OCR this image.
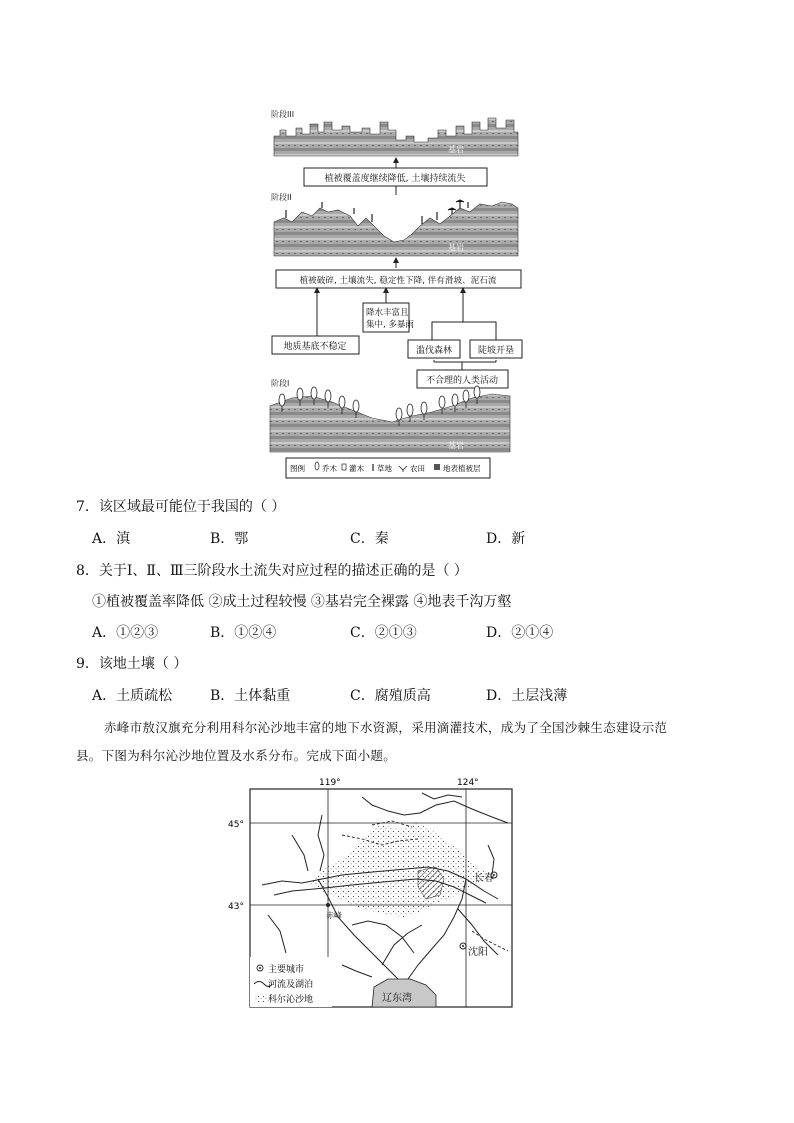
阶段III
基岩
植被覆盖度继续降低, 土壤持续流失
阶段II
基岩
植被破碎, 土壤流失, 稳定性下降, 伴有滑坡、泥石流
地质基底不稳定
降水丰富且
集中, 多暴雨
滥伐森林	陡坡开垦
不合理的人类活动
阶段I
基岩
图例 乔木 灌木 草地 农田 地表植被层
7．该区域最可能位于我国的（ ）
A．滇	B．鄂	C．秦	D．新
8．关于Ⅰ、Ⅱ、Ⅲ三阶段水土流失对应过程的描述正确的是（ ）
①植被覆盖率降低 ②成土过程较慢 ③基岩完全裸露 ④地表千沟万壑
A．①②③	B．①②④	C．②①③	D．②①④
9．该地土壤（ ）
A．土质疏松	B．土体黏重	C．腐殖质高	D．土层浅薄
赤峰市敖汉旗充分利用科尔沁沙地丰富的地下水资源，采用滴灌技术，成为了全国沙棘生态建设示范
县。下图为科尔沁沙地位置及水系分布。完成下面小题。
119°	124°
45°
43°
长春
赤峰
沈阳
辽东湾
主要城市
河流及湖泊
科尔沁沙地
